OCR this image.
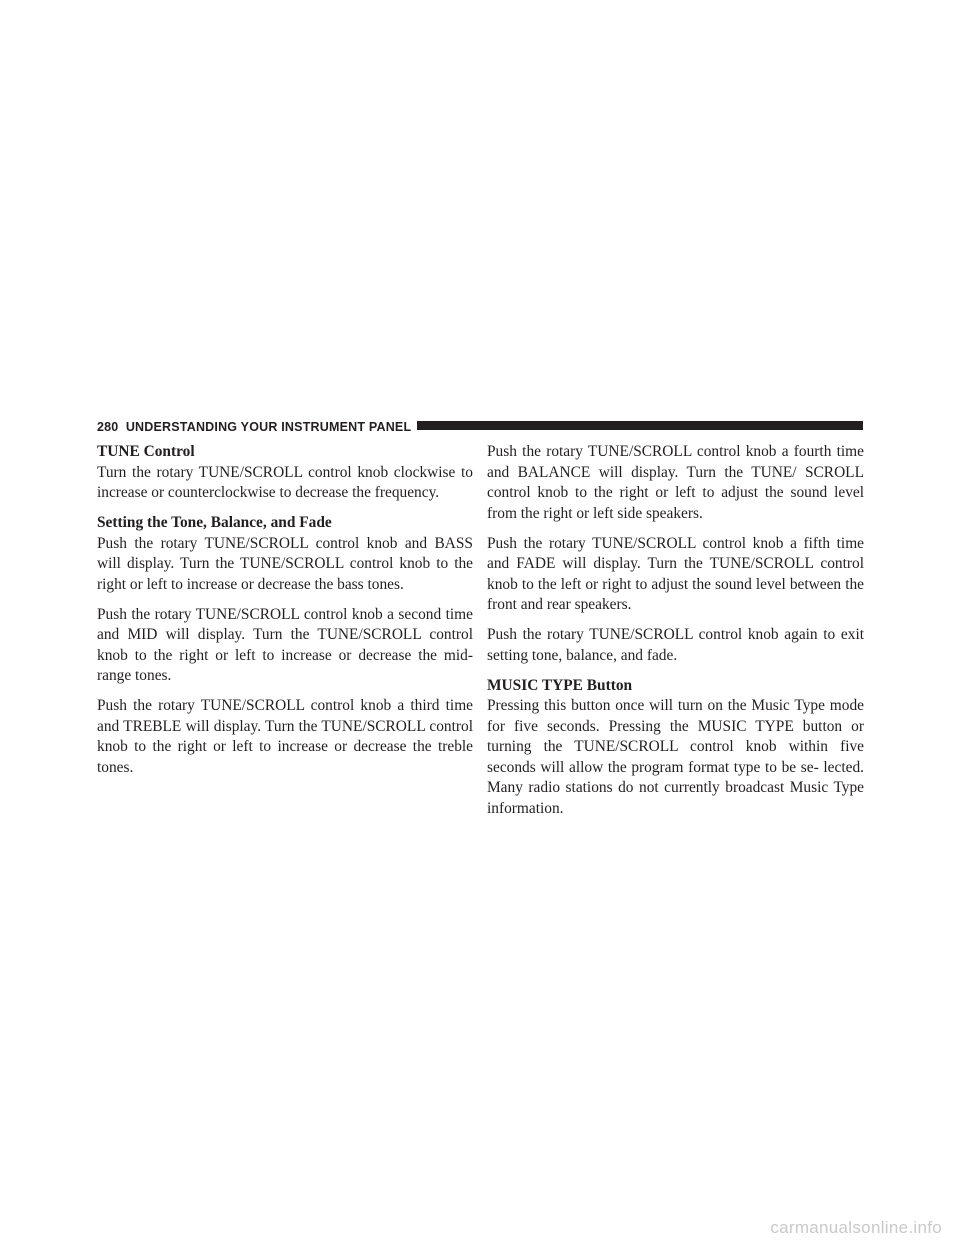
280 UNDERSTANDING YOUR INSTRUMENT PANEL
TUNE Control

Turn the rotary TUNE/SCROLL control knob clockwise to increase or counterclockwise to decrease the frequency.

Setting the Tone, Balance, and Fade

Push the rotary TUNE/SCROLL control knob and BASS will display. Turn the TUNE/SCROLL control knob to the right or left to increase or decrease the bass tones.

Push the rotary TUNE/SCROLL control knob a second time and MID will display. Turn the TUNE/SCROLL control knob to the right or left to increase or decrease the mid-range tones.

Push the rotary TUNE/SCROLL control knob a third time and TREBLE will display. Turn the TUNE/SCROLL control knob to the right or left to increase or decrease the treble tones.

Push the rotary TUNE/SCROLL control knob a fourth time and BALANCE will display. Turn the TUNE/ SCROLL control knob to the right or left to adjust the sound level from the right or left side speakers.

Push the rotary TUNE/SCROLL control knob a fifth time and FADE will display. Turn the TUNE/SCROLL control knob to the left or right to adjust the sound level between the front and rear speakers.

Push the rotary TUNE/SCROLL control knob again to exit setting tone, balance, and fade.

MUSIC TYPE Button

Pressing this button once will turn on the Music Type mode for five seconds. Pressing the MUSIC TYPE button or turning the TUNE/SCROLL control knob within five seconds will allow the program format type to be se- lected. Many radio stations do not currently broadcast Music Type information.

carmanualsonline.info
